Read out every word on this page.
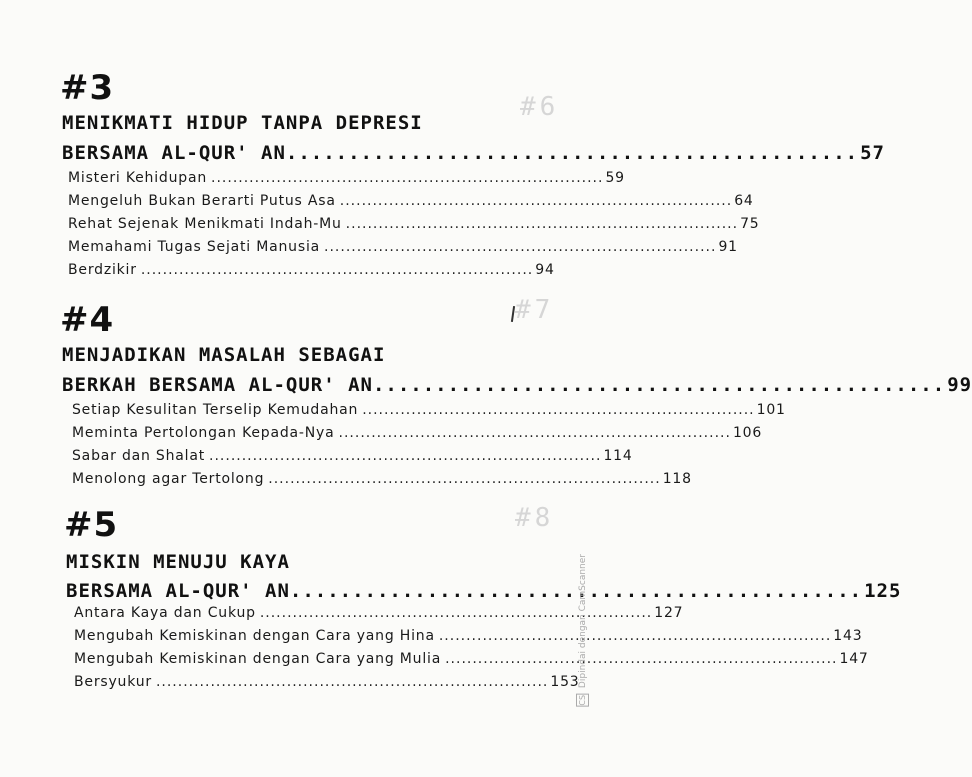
#6
#7
#8
#3
MENIKMATI HIDUP TANPA DEPRESI
BERSAMA AL-QUR' AN .............................................. 57
Misteri Kehidupan ........................................................................ 59
Mengeluh Bukan Berarti Putus Asa ........................................................................ 64
Rehat Sejenak Menikmati Indah-Mu ........................................................................ 75
Memahami Tugas Sejati Manusia ........................................................................ 91
Berdzikir ........................................................................ 94
#4
MENJADIKAN MASALAH SEBAGAI
BERKAH BERSAMA AL-QUR' AN .............................................. 99
Setiap Kesulitan Terselip Kemudahan ........................................................................ 101
Meminta Pertolongan Kepada-Nya ........................................................................ 106
Sabar dan Shalat ........................................................................ 114
Menolong agar Tertolong ........................................................................ 118
#5
MISKIN MENUJU KAYA
BERSAMA AL-QUR' AN .............................................. 125
Antara Kaya dan Cukup ........................................................................ 127
Mengubah Kemiskinan dengan Cara yang Hina ........................................................................ 143
Mengubah Kemiskinan dengan Cara yang Mulia ........................................................................ 147
Bersyukur ........................................................................ 153
CS Dipindai dengan CamScanner
